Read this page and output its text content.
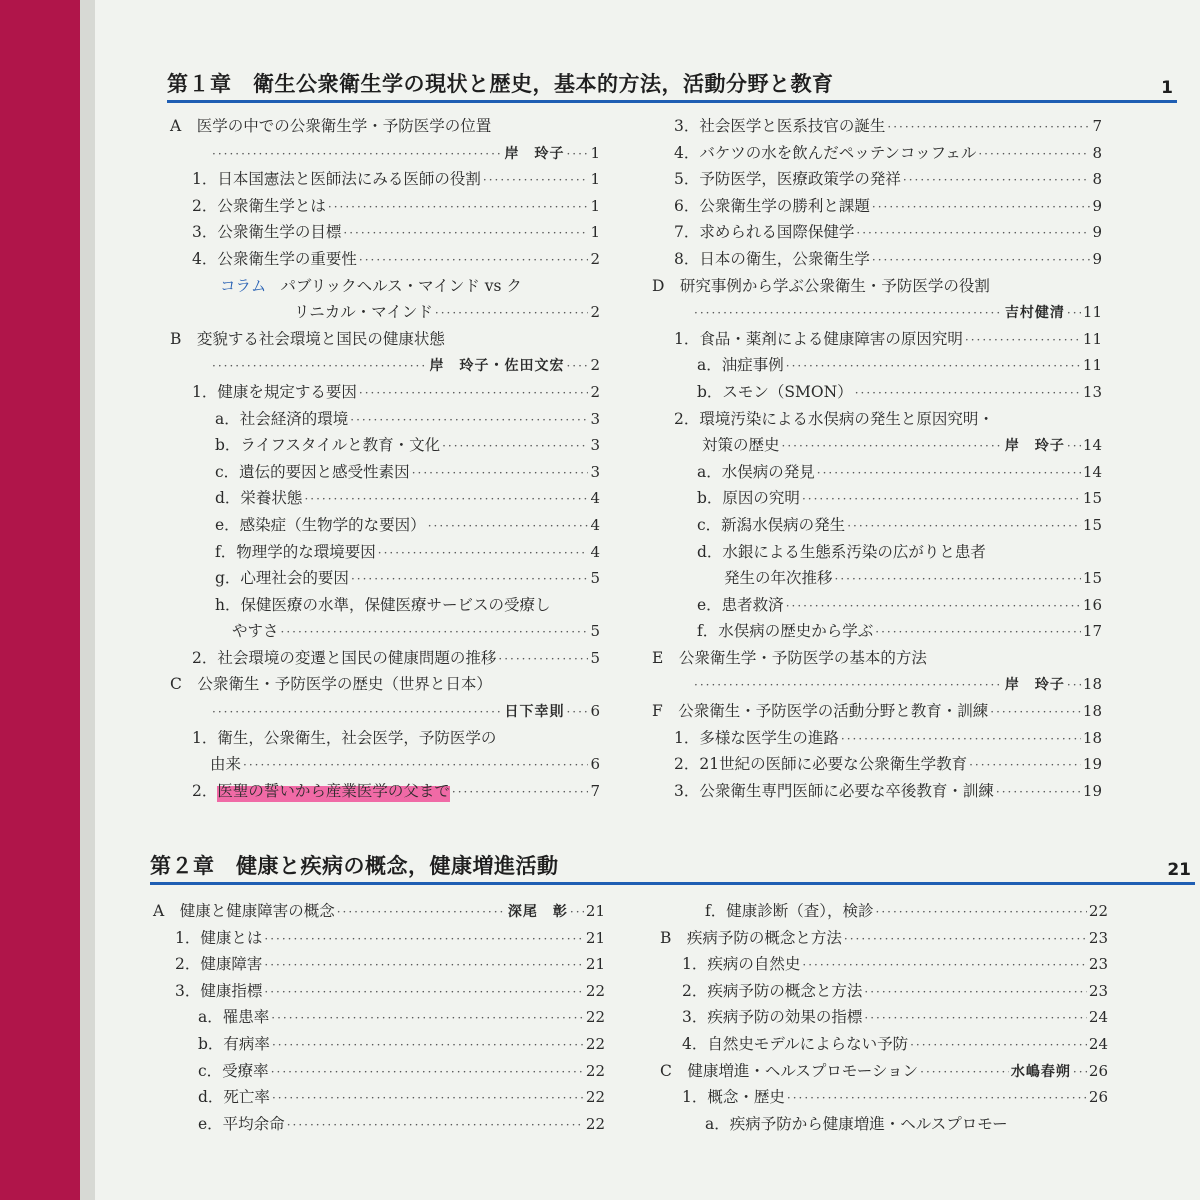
第１章　衛生公衆衛生学の現状と歴史，基本的方法，活動分野と教育	1
A　医学の中での公衆衛生学・予防医学の位置
·····
岸　玲子 ····· 1
1．日本国憲法と医師法にみる医師の役割 ·····	1
2．公衆衛生学とは ·····	1
3．公衆衛生学の目標 ·····	1
4．公衆衛生学の重要性 ·····	2
コラム パブリックヘルス・マインド vs ク
リニカル・マインド ·····	2
B　変貌する社会環境と国民の健康状態
·····
岸　玲子・佐田文宏 ····· 2
1．健康を規定する要因 ·····	2
a．社会経済的環境 ·····	3
b．ライフスタイルと教育・文化 ·····	3
c．遺伝的要因と感受性素因 ·····	3
d．栄養状態 ·····	4
e．感染症（生物学的な要因） ·····	4
f．物理学的な環境要因 ·····	4
g．心理社会的要因 ·····	5
h．保健医療の水準，保健医療サービスの受療し
やすさ ·····	5
2．社会環境の変遷と国民の健康問題の推移 ·····	5
C　公衆衛生・予防医学の歴史（世界と日本）
·····
日下幸則 ····· 6
1．衛生，公衆衛生，社会医学，予防医学の
由来 ·····	6
2． 医聖の誓いから産業医学の父まで ·····	7
3．社会医学と医系技官の誕生 ·····	7
4．バケツの水を飲んだペッテンコッフェル ·····	8
5．予防医学，医療政策学の発祥 ·····	8
6．公衆衛生学の勝利と課題 ·····	9
7．求められる国際保健学 ·····	9
8．日本の衛生，公衆衛生学 ·····	9
D　研究事例から学ぶ公衆衛生・予防医学の役割
·····
吉村健清 ····· 11
1．食品・薬剤による健康障害の原因究明 ·····	11
a．油症事例 ·····	11
b．スモン（SMON） ·····	13
2．環境汚染による水俣病の発生と原因究明・
対策の歴史 ·····	岸　玲子 ····· 14
a．水俣病の発見 ·····	14
b．原因の究明 ·····	15
c．新潟水俣病の発生 ·····	15
d．水銀による生態系汚染の広がりと患者
発生の年次推移 ·····	15
e．患者救済 ·····	16
f．水俣病の歴史から学ぶ ·····	17
E　公衆衛生学・予防医学の基本的方法
·····
岸　玲子 ····· 18
F　公衆衛生・予防医学の活動分野と教育・訓練 ·····	18
1．多様な医学生の進路 ·····	18
2．21世紀の医師に必要な公衆衛生学教育 ·····	19
3．公衆衛生専門医師に必要な卒後教育・訓練 ·····	19
第２章　健康と疾病の概念，健康増進活動	21
A　健康と健康障害の概念 ·····	深尾　彰 ····· 21
1．健康とは ·····	21
2．健康障害 ·····	21
3．健康指標 ·····	22
a．罹患率 ·····	22
b．有病率 ·····	22
c．受療率 ·····	22
d．死亡率 ·····	22
e．平均余命 ·····	22
f．健康診断（査），検診 ·····	22
B　疾病予防の概念と方法 ·····	23
1．疾病の自然史 ·····	23
2．疾病予防の概念と方法 ·····	23
3．疾病予防の効果の指標 ·····	24
4．自然史モデルによらない予防 ·····	24
C　健康増進・ヘルスプロモーション ·····	水嶋春朔 ····· 26
1．概念・歴史 ·····	26
a．疾病予防から健康増進・ヘルスプロモー
